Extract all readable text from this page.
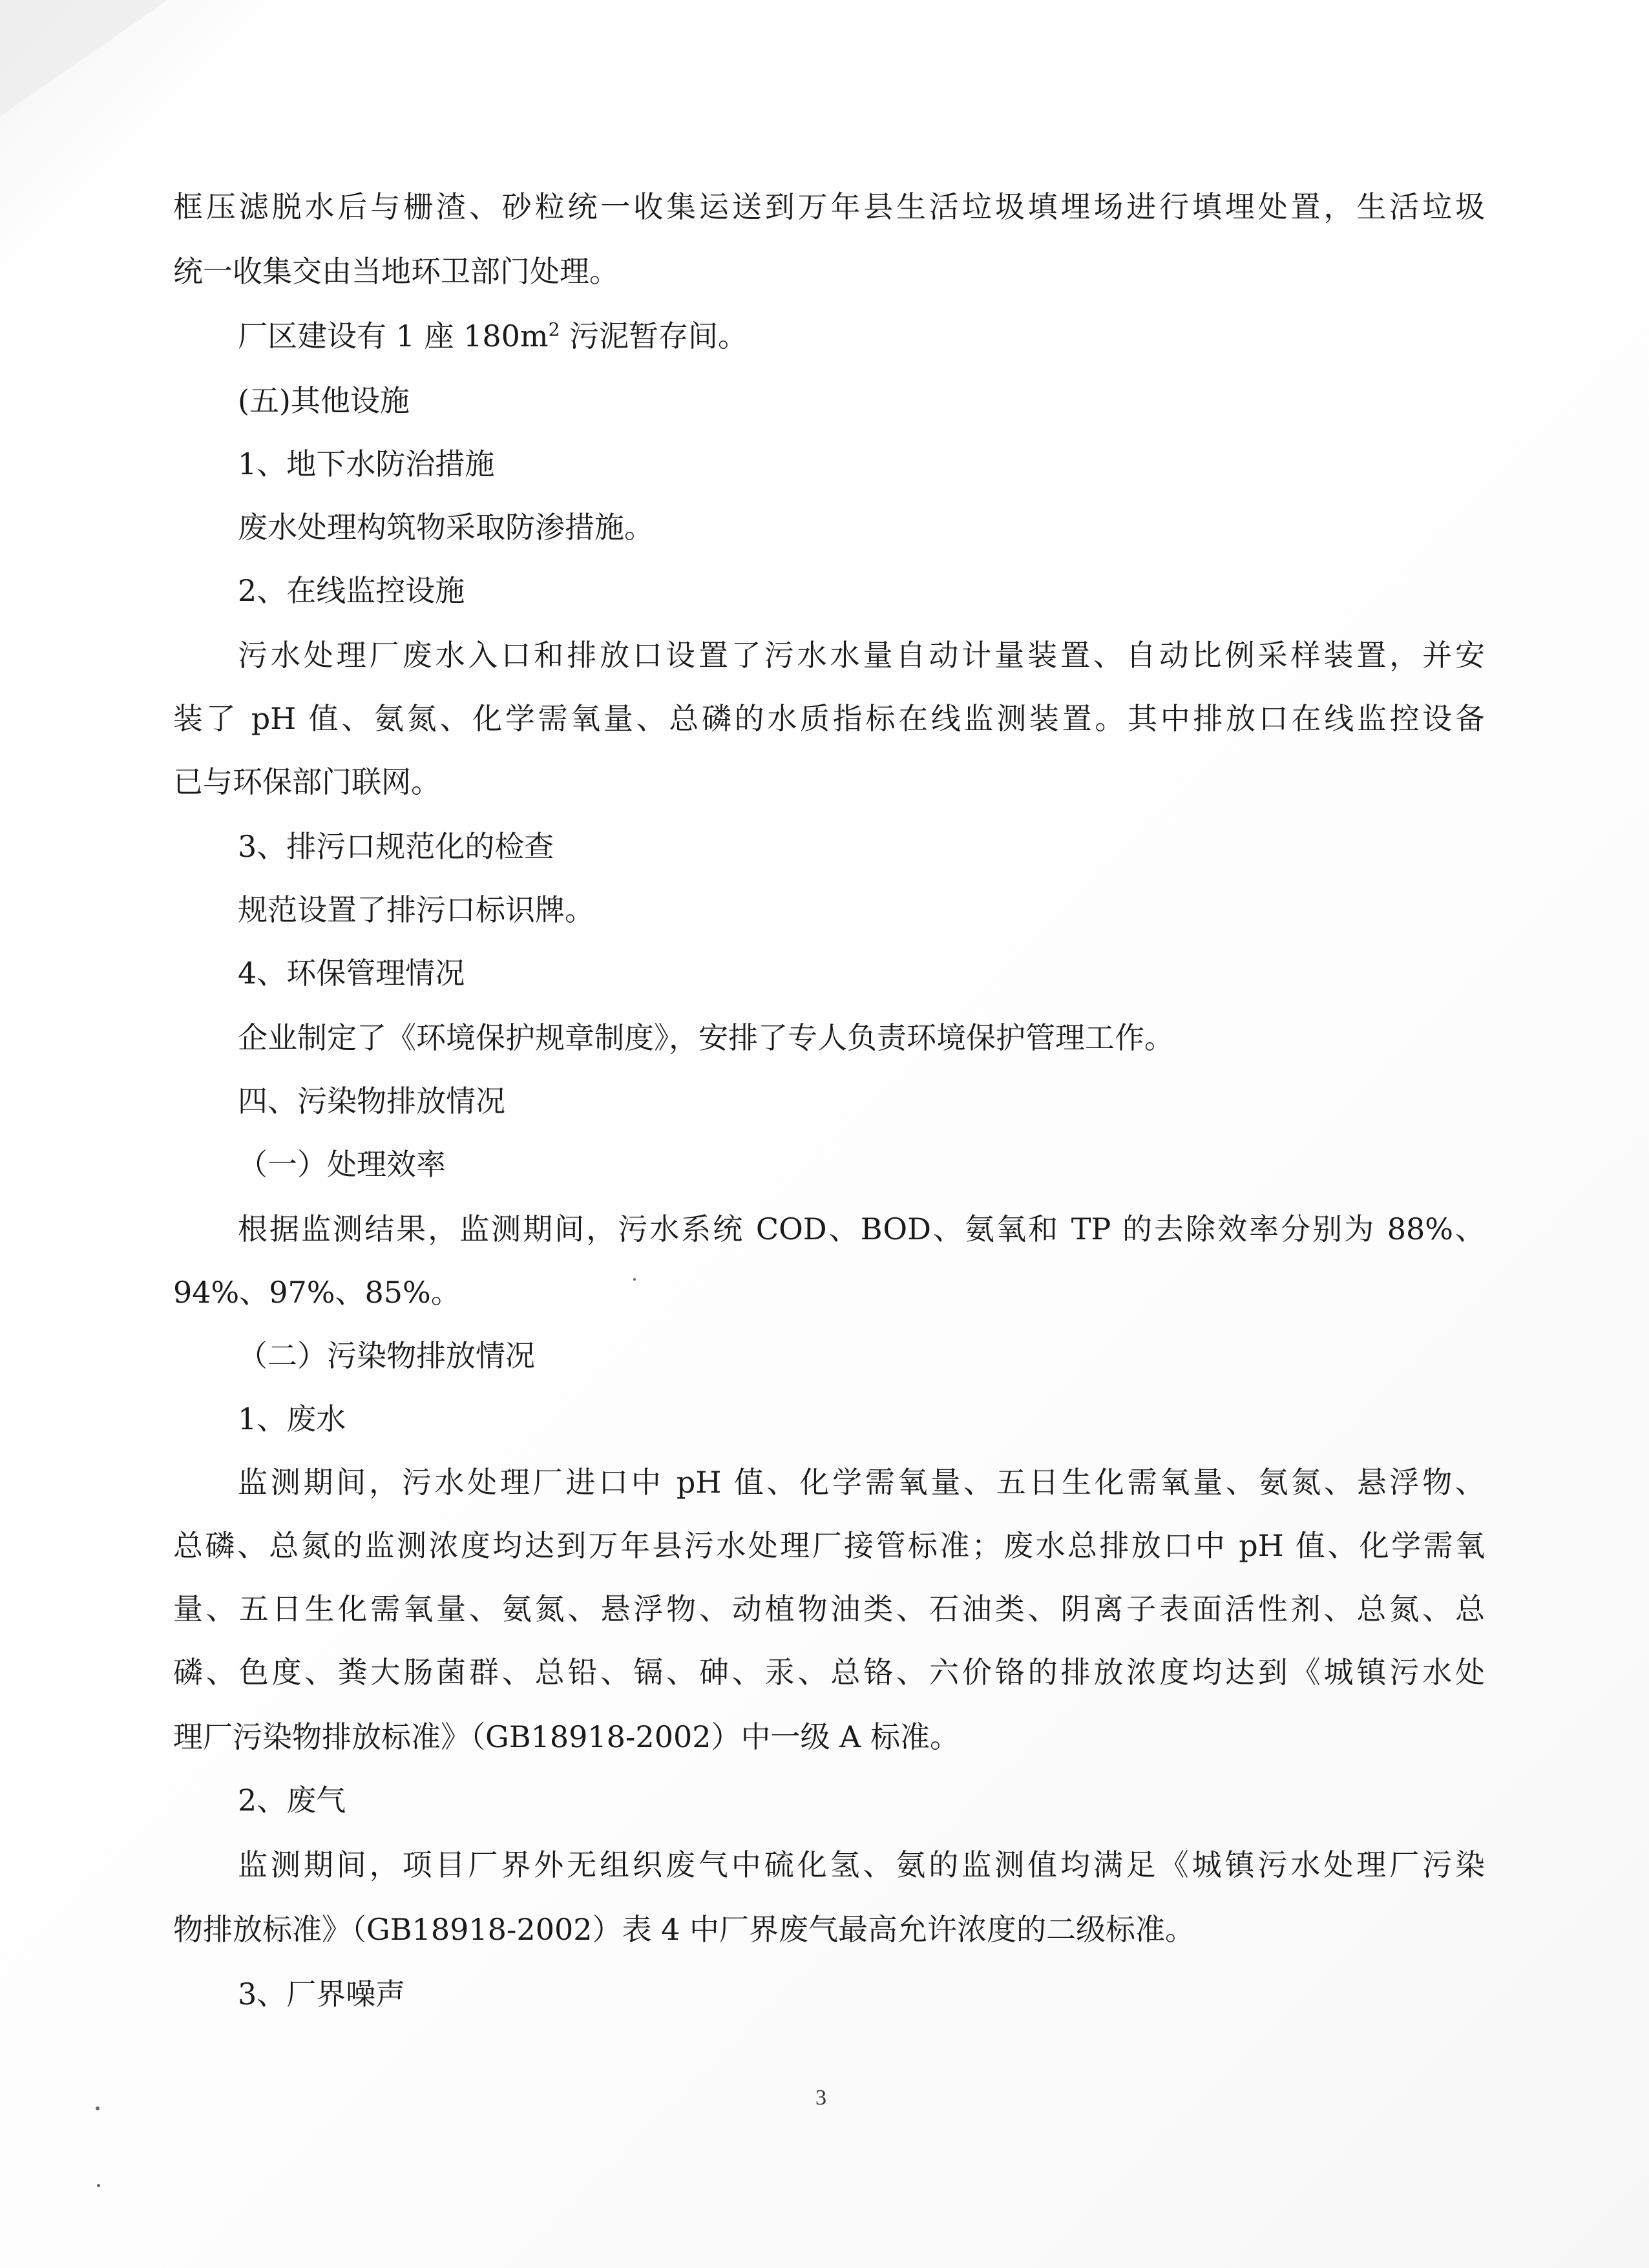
框压滤脱水后与栅渣、砂粒统一收集运送到万年县生活垃圾填埋场进行填埋处置，生活垃圾
统一收集交由当地环卫部门处理。
厂区建设有 1 座 $180m^2$ 污泥暂存间。
(五)其他设施
1、地下水防治措施
废水处理构筑物采取防渗措施。
2、在线监控设施
污水处理厂废水入口和排放口设置了污水水量自动计量装置、自动比例采样装置，并安
装了 pH 值、氨氮、化学需氧量、总磷的水质指标在线监测装置。其中排放口在线监控设备
已与环保部门联网。
3、排污口规范化的检查
规范设置了排污口标识牌。
4、环保管理情况
企业制定了《环境保护规章制度》，安排了专人负责环境保护管理工作。
四、污染物排放情况
（一）处理效率
根据监测结果，监测期间，污水系统 COD、BOD、氨氧和 TP 的去除效率分别为 88%、
94%、97%、85%。
（二）污染物排放情况
1、废水
监测期间，污水处理厂进口中 pH 值、化学需氧量、五日生化需氧量、氨氮、悬浮物、
总磷、总氮的监测浓度均达到万年县污水处理厂接管标准；废水总排放口中 pH 值、化学需氧
量、五日生化需氧量、氨氮、悬浮物、动植物油类、石油类、阴离子表面活性剂、总氮、总
磷、色度、粪大肠菌群、总铅、镉、砷、汞、总铬、六价铬的排放浓度均达到《城镇污水处
理厂污染物排放标准》（GB18918-2002）中一级 A 标准。
2、废气
监测期间，项目厂界外无组织废气中硫化氢、氨的监测值均满足《城镇污水处理厂污染
物排放标准》（GB18918-2002）表 4 中厂界废气最高允许浓度的二级标准。
3、厂界噪声
3
